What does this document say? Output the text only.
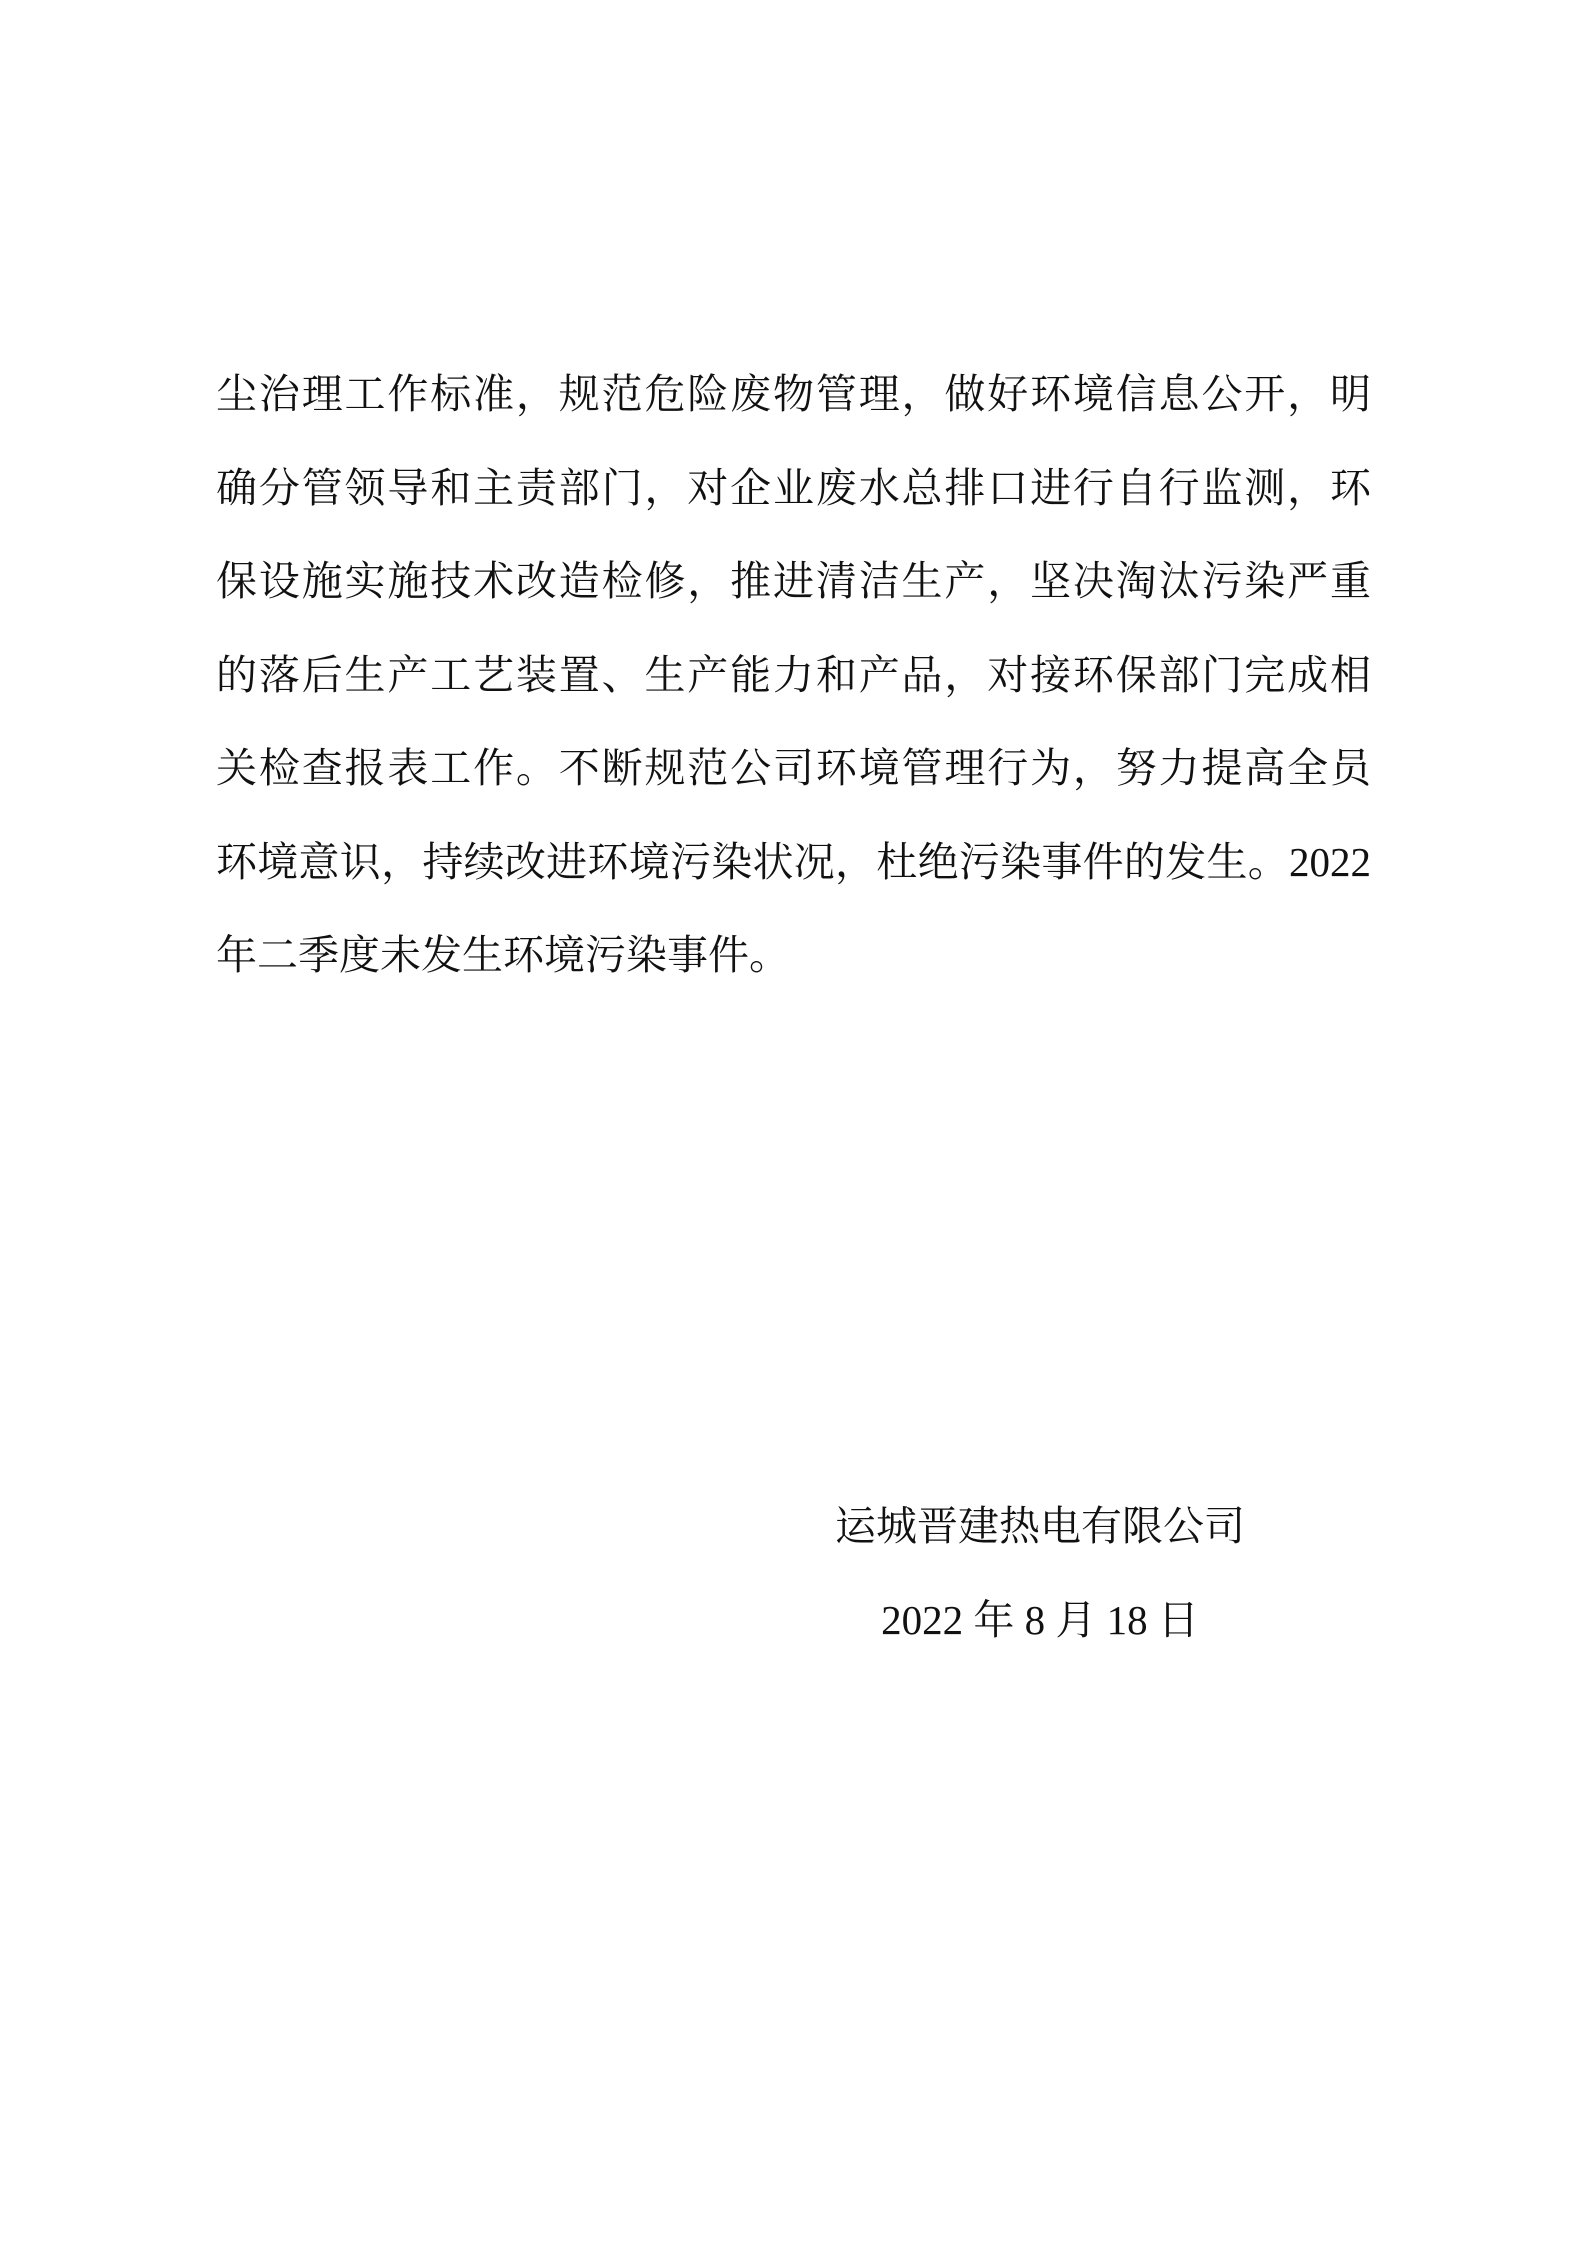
尘治理工作标准，规范危险废物管理，做好环境信息公开，明
确分管领导和主责部门，对企业废水总排口进行自行监测，环
保设施实施技术改造检修，推进清洁生产，坚决淘汰污染严重
的落后生产工艺装置、生产能力和产品，对接环保部门完成相
关检查报表工作。不断规范公司环境管理行为，努力提高全员
环境意识，持续改进环境污染状况，杜绝污染事件的发生。2022
年二季度未发生环境污染事件。
运城晋建热电有限公司
2022 年 8 月 18 日
